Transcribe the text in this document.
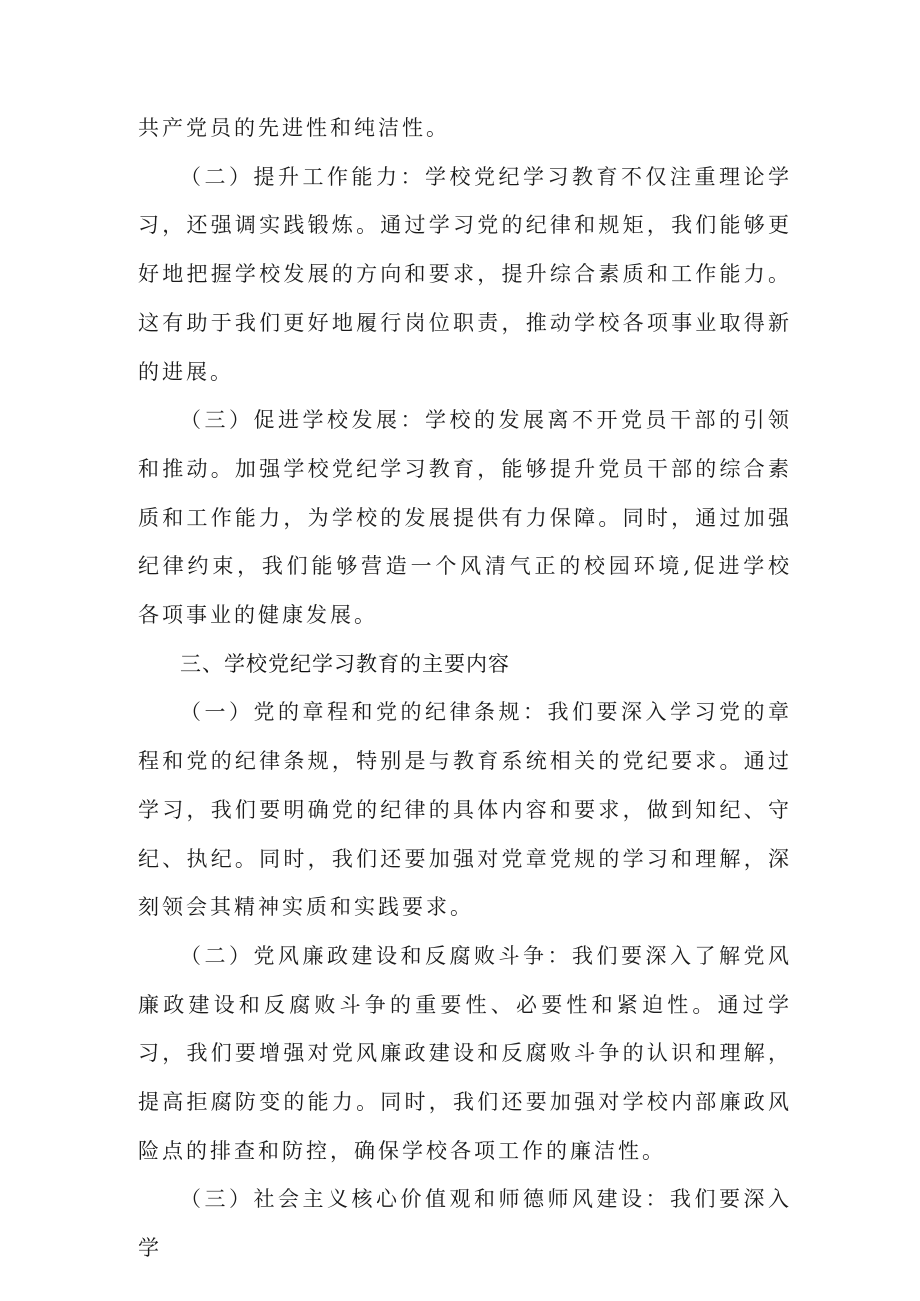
共产党员的先进性和纯洁性。

（二）提升工作能力：学校党纪学习教育不仅注重理论学习，还强调实践锻炼。通过学习党的纪律和规矩，我们能够更好地把握学校发展的方向和要求，提升综合素质和工作能力。这有助于我们更好地履行岗位职责，推动学校各项事业取得新的进展。

（三）促进学校发展：学校的发展离不开党员干部的引领和推动。加强学校党纪学习教育，能够提升党员干部的综合素质和工作能力，为学校的发展提供有力保障。同时，通过加强纪律约束，我们能够营造一个风清气正的校园环境,促进学校各项事业的健康发展。

三、学校党纪学习教育的主要内容

（一）党的章程和党的纪律条规：我们要深入学习党的章程和党的纪律条规，特别是与教育系统相关的党纪要求。通过学习，我们要明确党的纪律的具体内容和要求，做到知纪、守纪、执纪。同时，我们还要加强对党章党规的学习和理解，深刻领会其精神实质和实践要求。

（二）党风廉政建设和反腐败斗争：我们要深入了解党风廉政建设和反腐败斗争的重要性、必要性和紧迫性。通过学习，我们要增强对党风廉政建设和反腐败斗争的认识和理解，提高拒腐防变的能力。同时，我们还要加强对学校内部廉政风险点的排查和防控，确保学校各项工作的廉洁性。

（三）社会主义核心价值观和师德师风建设：我们要深入学
